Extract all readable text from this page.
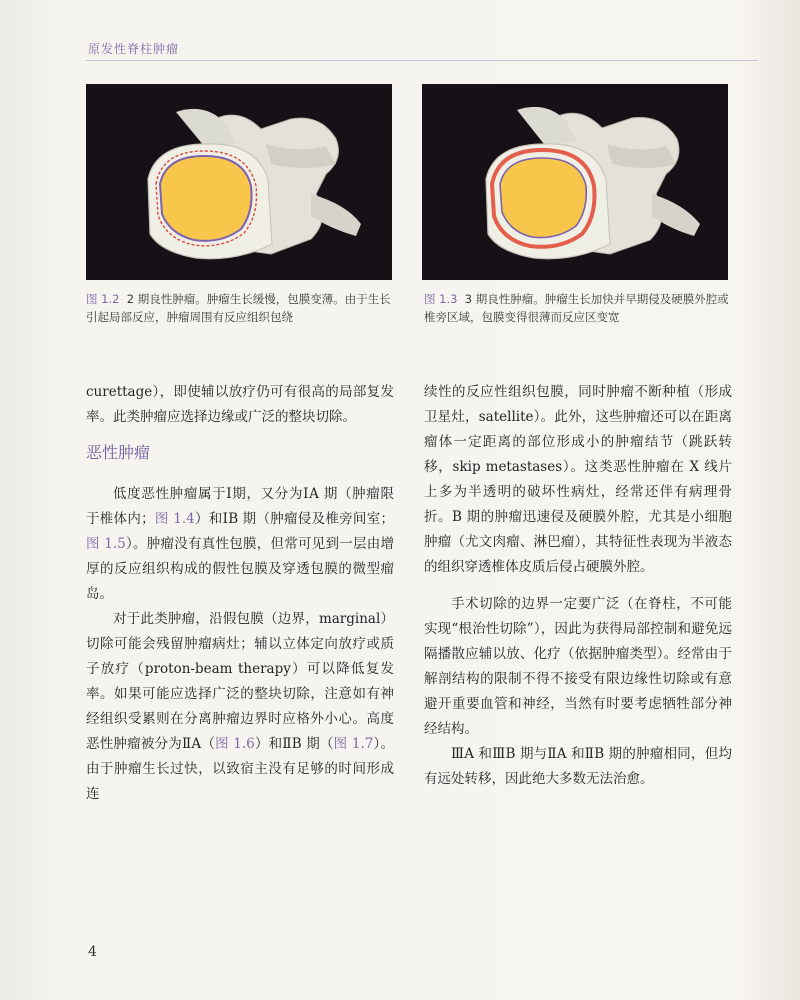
原发性脊柱肿瘤
图 1.2 2 期良性肿瘤。肿瘤生长缓慢，包膜变薄。由于生长引起局部反应，肿瘤周围有反应组织包绕
图 1.3 3 期良性肿瘤。肿瘤生长加快并早期侵及硬膜外腔或椎旁区域，包膜变得很薄而反应区变宽

curettage），即使辅以放疗仍可有很高的局部复发率。此类肿瘤应选择边缘或广泛的整块切除。

恶性肿瘤

低度恶性肿瘤属于Ⅰ期，又分为ⅠA 期（肿瘤限于椎体内；图 1.4）和ⅠB 期（肿瘤侵及椎旁间室；图 1.5）。肿瘤没有真性包膜，但常可见到一层由增厚的反应组织构成的假性包膜及穿透包膜的微型瘤岛。

对于此类肿瘤，沿假包膜（边界，marginal）切除可能会残留肿瘤病灶；辅以立体定向放疗或质子放疗（proton-beam therapy）可以降低复发率。如果可能应选择广泛的整块切除，注意如有神经组织受累则在分离肿瘤边界时应格外小心。高度恶性肿瘤被分为ⅡA（图 1.6）和ⅡB 期（图 1.7）。由于肿瘤生长过快，以致宿主没有足够的时间形成连

续性的反应性组织包膜，同时肿瘤不断种植（形成卫星灶，satellite）。此外，这些肿瘤还可以在距离瘤体一定距离的部位形成小的肿瘤结节（跳跃转移，skip metastases）。这类恶性肿瘤在 X 线片上多为半透明的破坏性病灶，经常还伴有病理骨折。B 期的肿瘤迅速侵及硬膜外腔，尤其是小细胞肿瘤（尤文肉瘤、淋巴瘤），其特征性表现为半液态的组织穿透椎体皮质后侵占硬膜外腔。

手术切除的边界一定要广泛（在脊柱，不可能实现“根治性切除”），因此为获得局部控制和避免远隔播散应辅以放、化疗（依据肿瘤类型）。经常由于解剖结构的限制不得不接受有限边缘性切除或有意避开重要血管和神经，当然有时要考虑牺牲部分神经结构。

ⅢA 和ⅢB 期与ⅡA 和ⅡB 期的肿瘤相同，但均有远处转移，因此绝大多数无法治愈。

4
